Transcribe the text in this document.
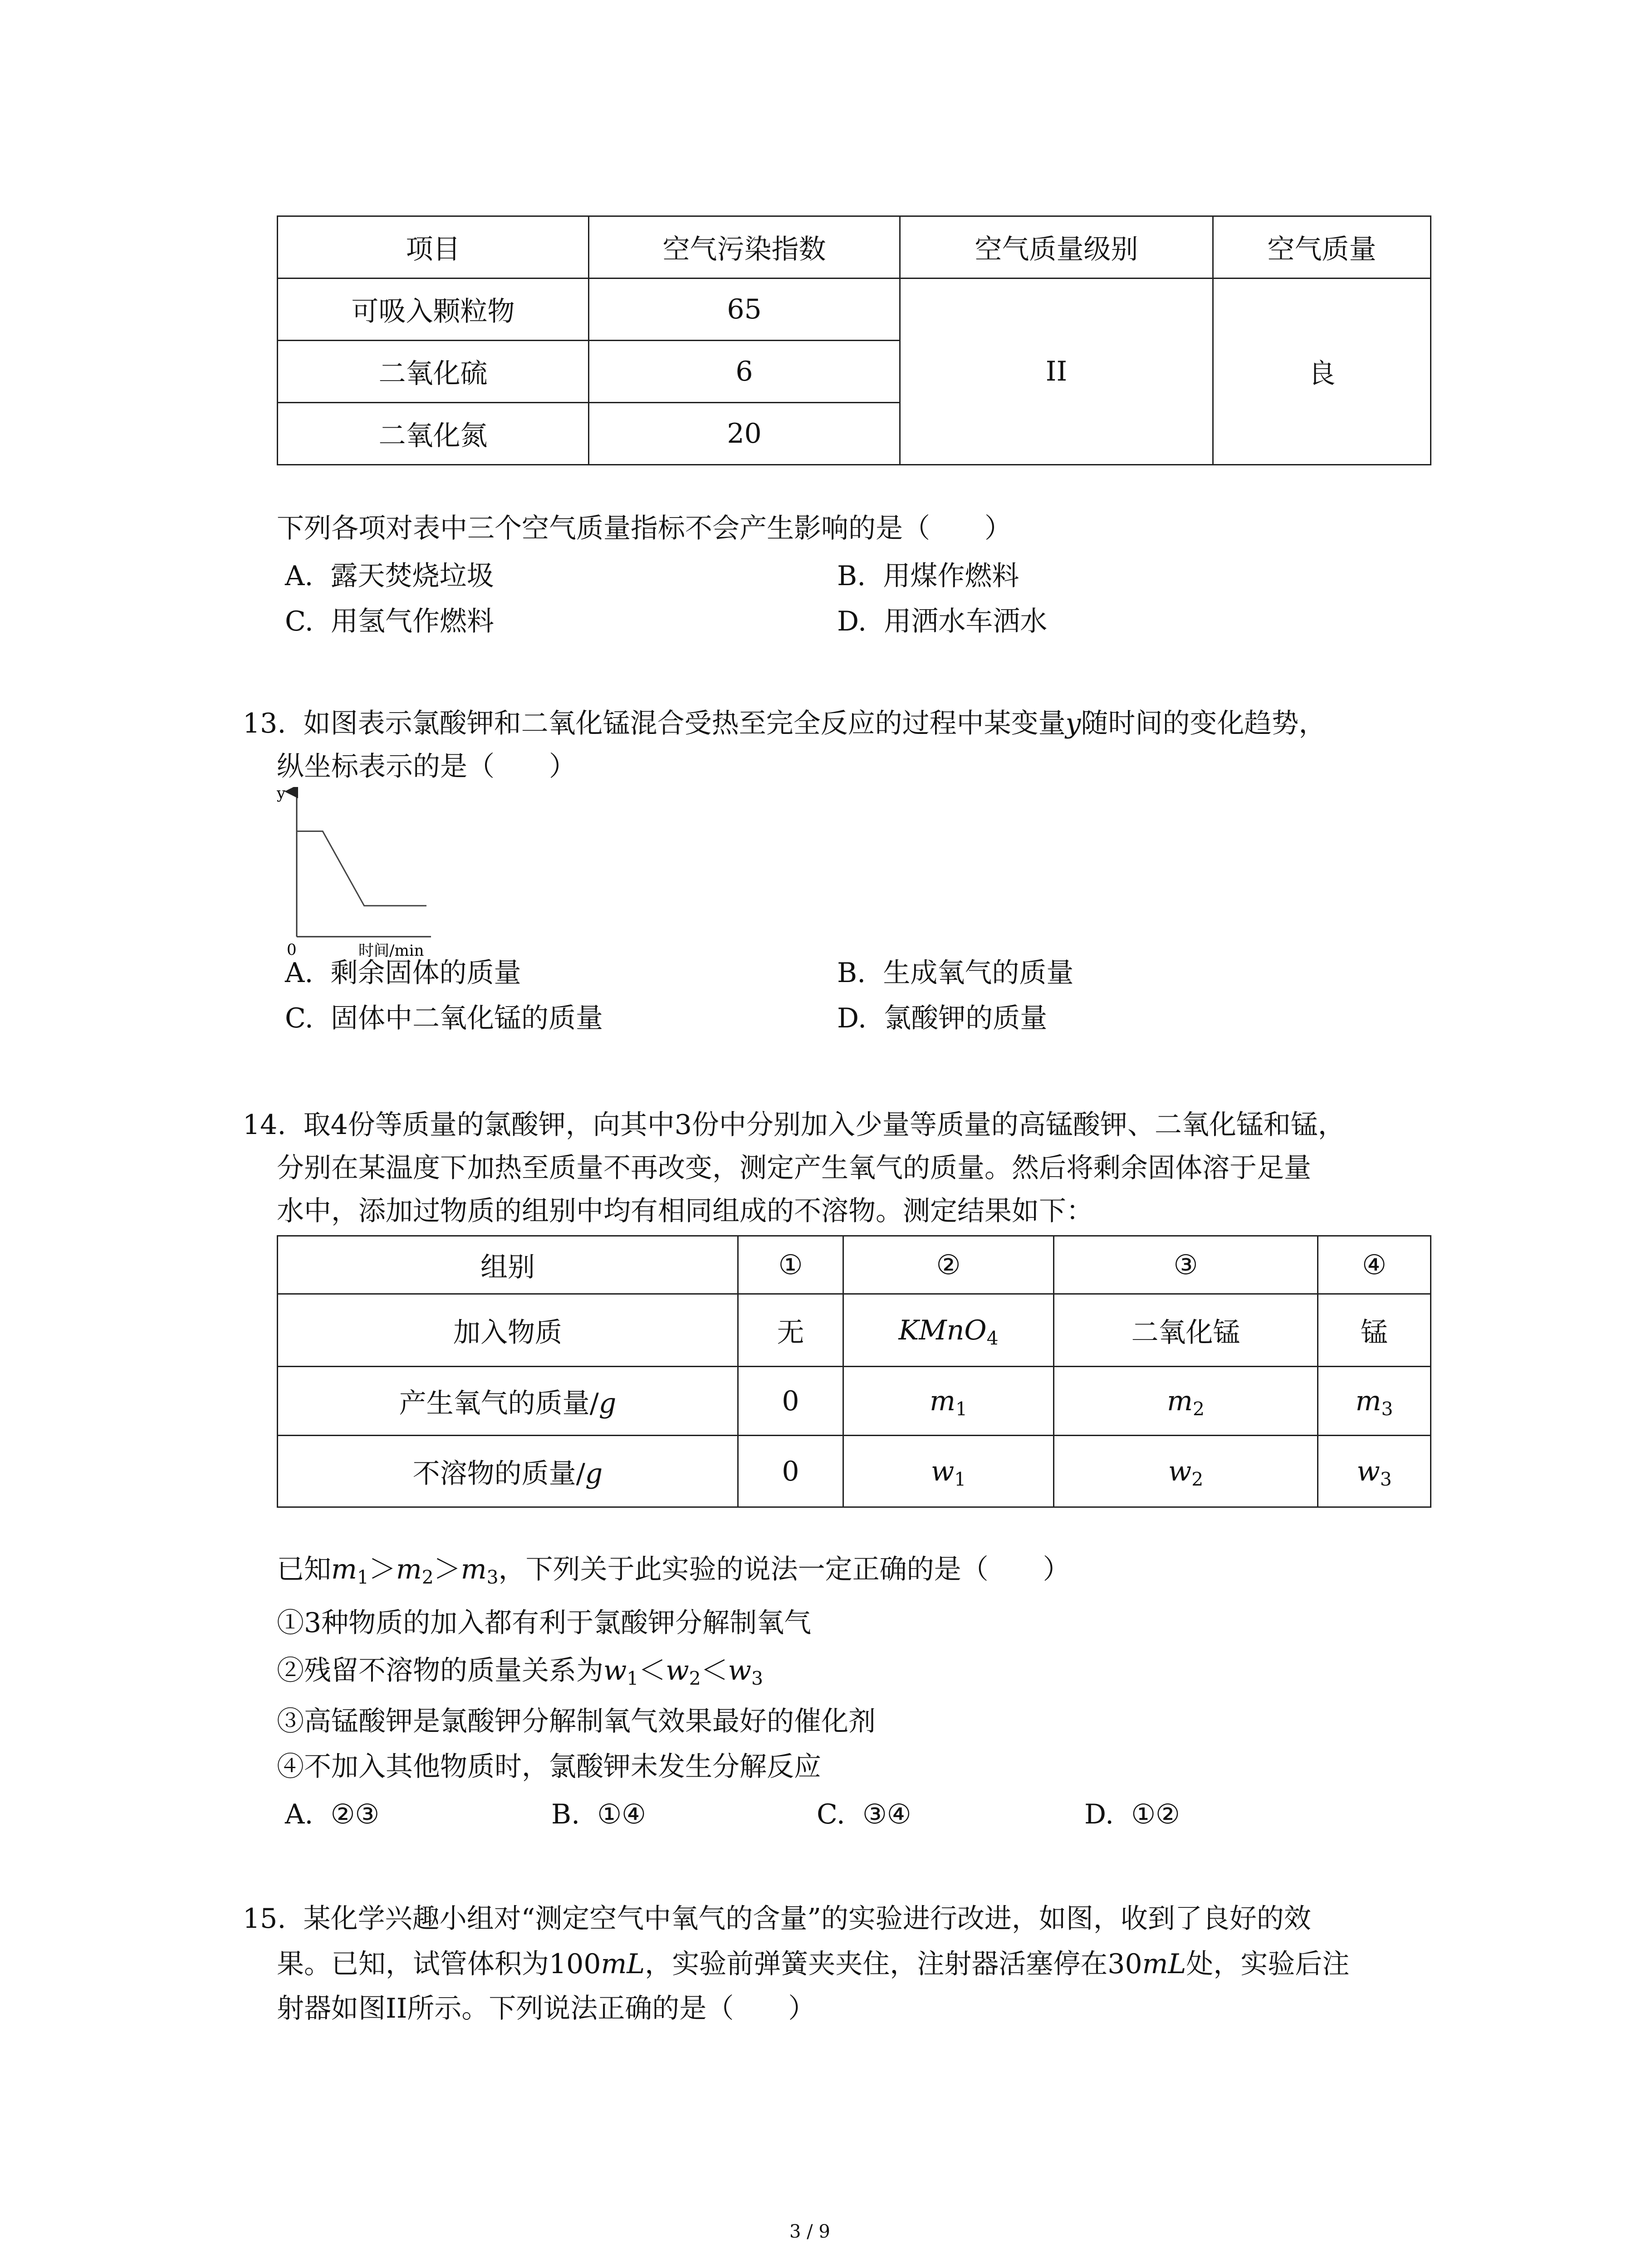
项目	空气污染指数	空气质量级别	空气质量
可吸入颗粒物	65	II	良
二氧化硫	6		
二氧化氮	20		
下列各项对表中三个空气质量指标不会产生影响的是（　　）
A. 露天焚烧垃圾	B. 用煤作燃料
C. 用氢气作燃料	D. 用洒水车洒水
13. 如图表示氯酸钾和二氧化锰混合受热至完全反应的过程中某变量y随时间的变化趋势，
纵坐标表示的是（　　）
y
0	时间/min
A. 剩余固体的质量	B. 生成氧气的质量
C. 固体中二氧化锰的质量	D. 氯酸钾的质量
14. 取4份等质量的氯酸钾，向其中3份中分别加入少量等质量的高锰酸钾、二氧化锰和锰，
分别在某温度下加热至质量不再改变，测定产生氧气的质量。然后将剩余固体溶于足量
水中，添加过物质的组别中均有相同组成的不溶物。测定结果如下：
组别	①	②	③	④
加入物质	无	KMnO$_4$	二氧化锰	锰
产生氧气的质量/g	0	$m_1$	$m_2$	$m_3$
不溶物的质量/g	0	$w_1$	$w_2$	$w_3$
已知$m_1>m_2>m_3$，下列关于此实验的说法一定正确的是（　　）
①3种物质的加入都有利于氯酸钾分解制氧气
②残留不溶物的质量关系为$w_1<w_2<w_3$
③高锰酸钾是氯酸钾分解制氧气效果最好的催化剂
④不加入其他物质时，氯酸钾未发生分解反应
A. ②③	B. ①④	C. ③④	D. ①②
15. 某化学兴趣小组对“测定空气中氧气的含量”的实验进行改进，如图，收到了良好的效
果。已知，试管体积为100mL，实验前弹簧夹夹住，注射器活塞停在30mL处，实验后注
射器如图II所示。下列说法正确的是（　　）
3 / 9
